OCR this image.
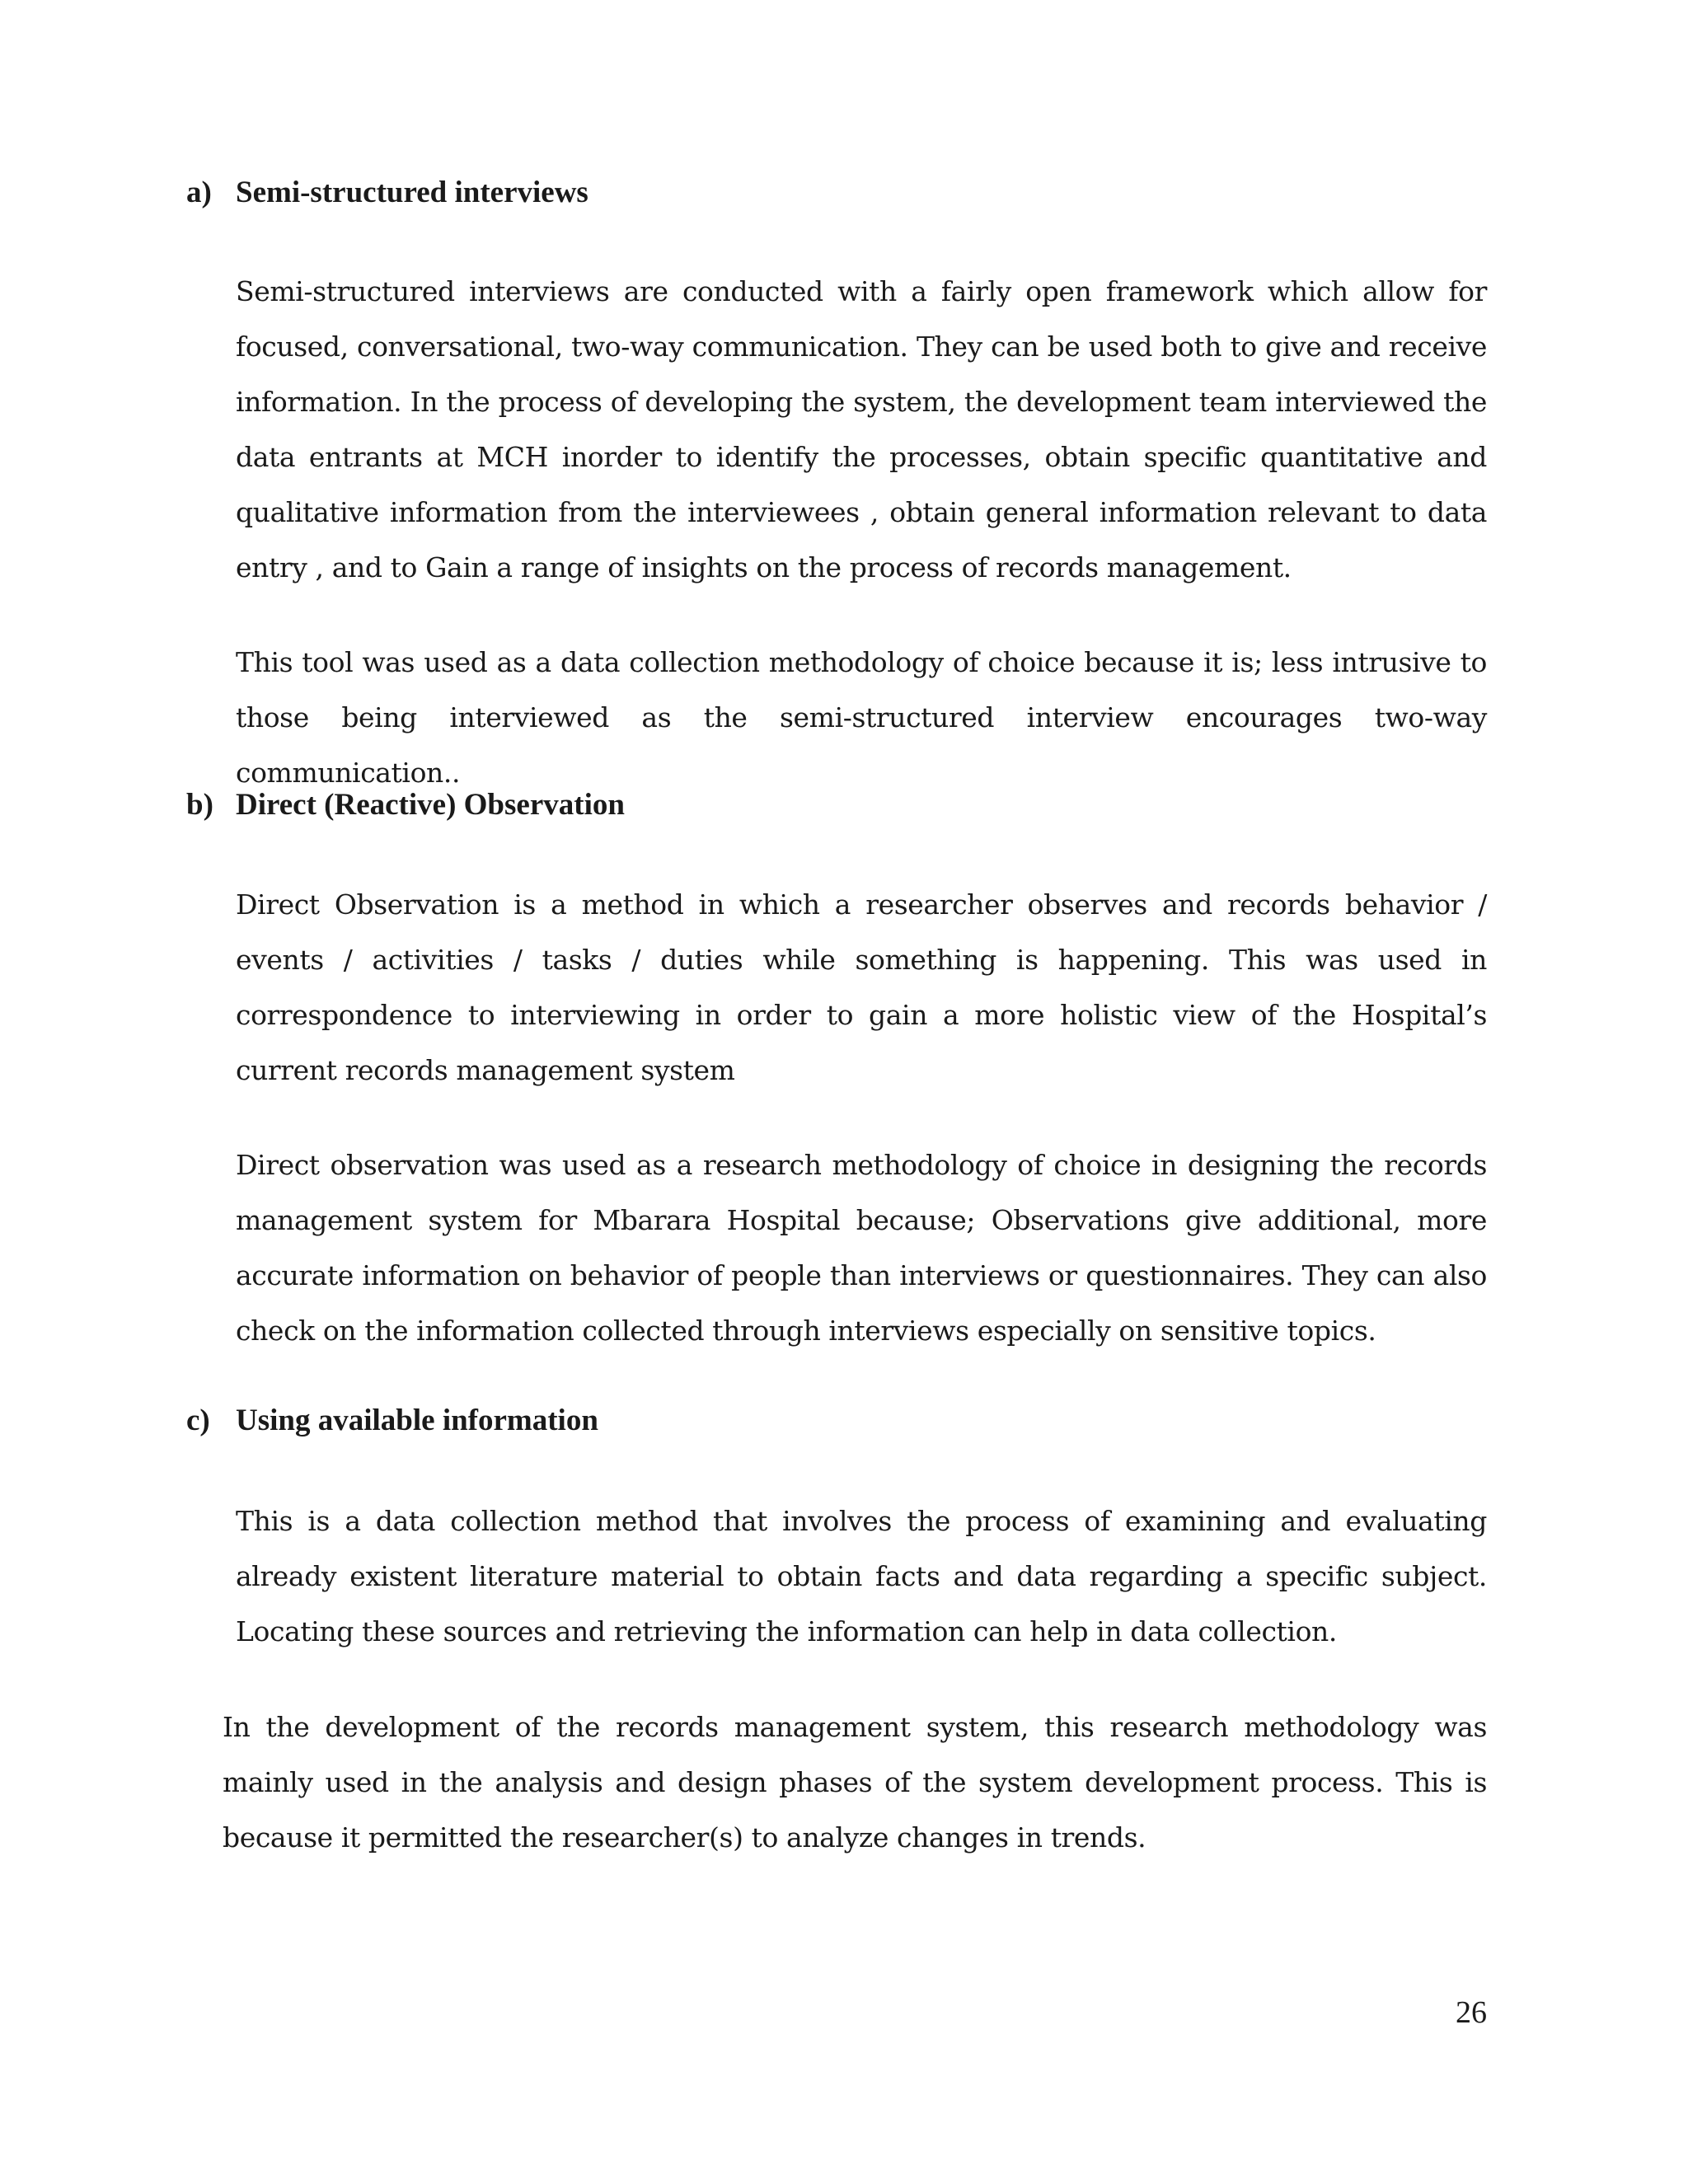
a) Semi-structured interviews

Semi-structured interviews are conducted with a fairly open framework which allow for focused, conversational, two-way communication. They can be used both to give and receive information. In the process of developing the system, the development team interviewed the data entrants at MCH inorder to identify the processes, obtain specific quantitative and qualitative information from the interviewees , obtain general information relevant to data entry , and to Gain a range of insights on the process of records management.

This tool was used as a data collection methodology of choice because it is; less intrusive to those being interviewed as the semi-structured interview encourages two-way communication..

b) Direct (Reactive) Observation

Direct Observation is a method in which a researcher observes and records behavior / events / activities / tasks / duties while something is happening. This was used in correspondence to interviewing in order to gain a more holistic view of the Hospital’s current records management system

Direct observation was used as a research methodology of choice in designing the records management system for Mbarara Hospital because; Observations give additional, more accurate information on behavior of people than interviews or questionnaires. They can also check on the information collected through interviews especially on sensitive topics.

c) Using available information

This is a data collection method that involves the process of examining and evaluating already existent literature material to obtain facts and data regarding a specific subject. Locating these sources and retrieving the information can help in data collection.

In the development of the records management system, this research methodology was mainly used in the analysis and design phases of the system development process. This is because it permitted the researcher(s) to analyze changes in trends.

26
